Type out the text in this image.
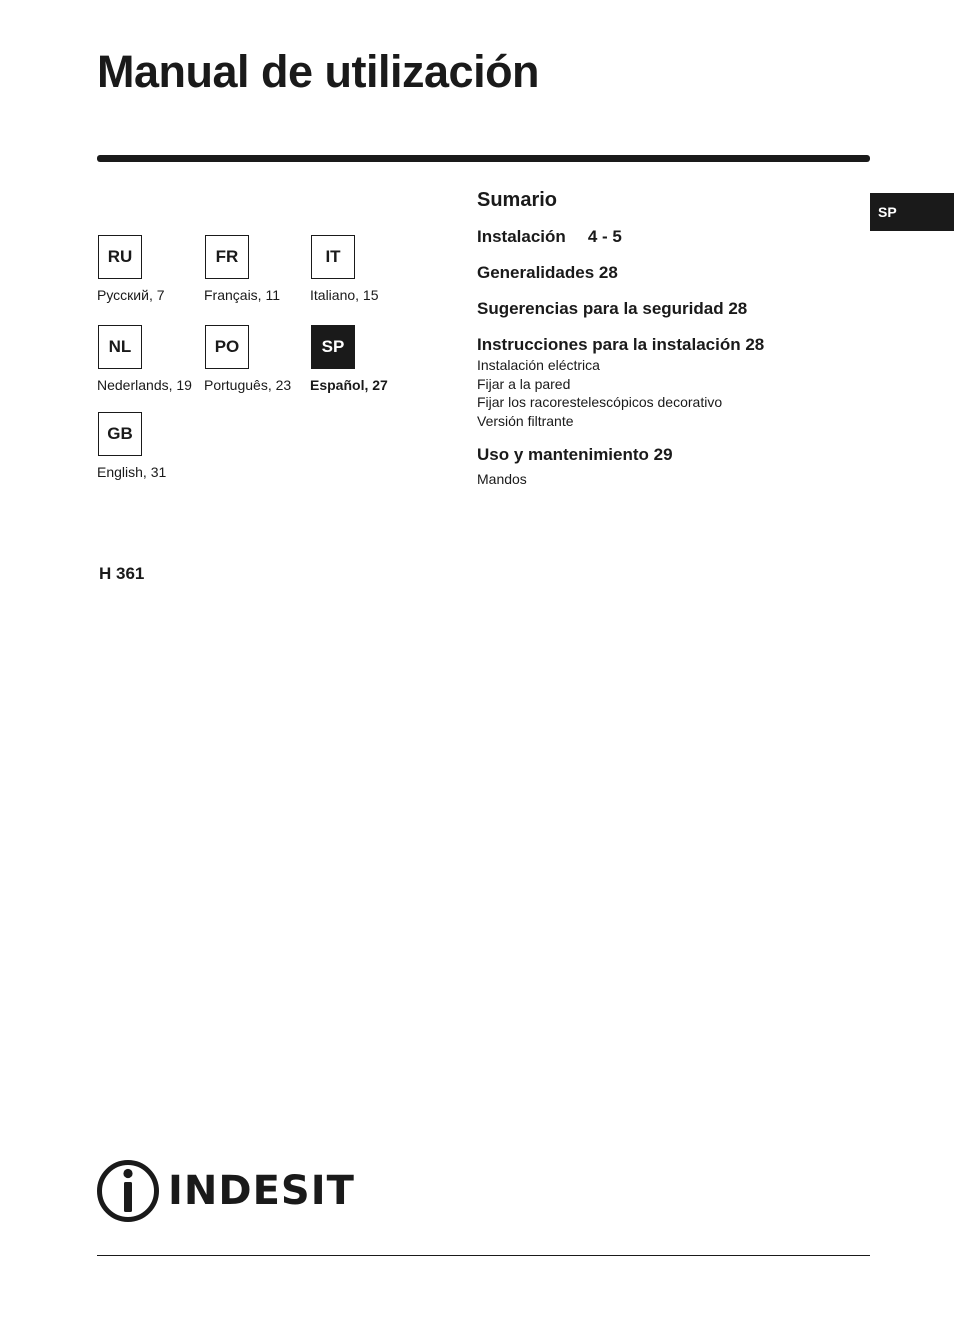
Manual de utilización
SP
RU
Русский, 7
FR
Français, 11
IT
Italiano, 15
NL
Nederlands, 19
PO
Português, 23
SP
Español, 27
GB
English, 31
H 361
Sumario
Instalación 4 - 5
Generalidades 28
Sugerencias para la seguridad 28
Instrucciones para la instalación 28
Instalación eléctrica
Fijar a la pared
Fijar los racorestelescópicos decorativo
Versión filtrante
Uso y mantenimiento 29
Mandos
INDESIT
